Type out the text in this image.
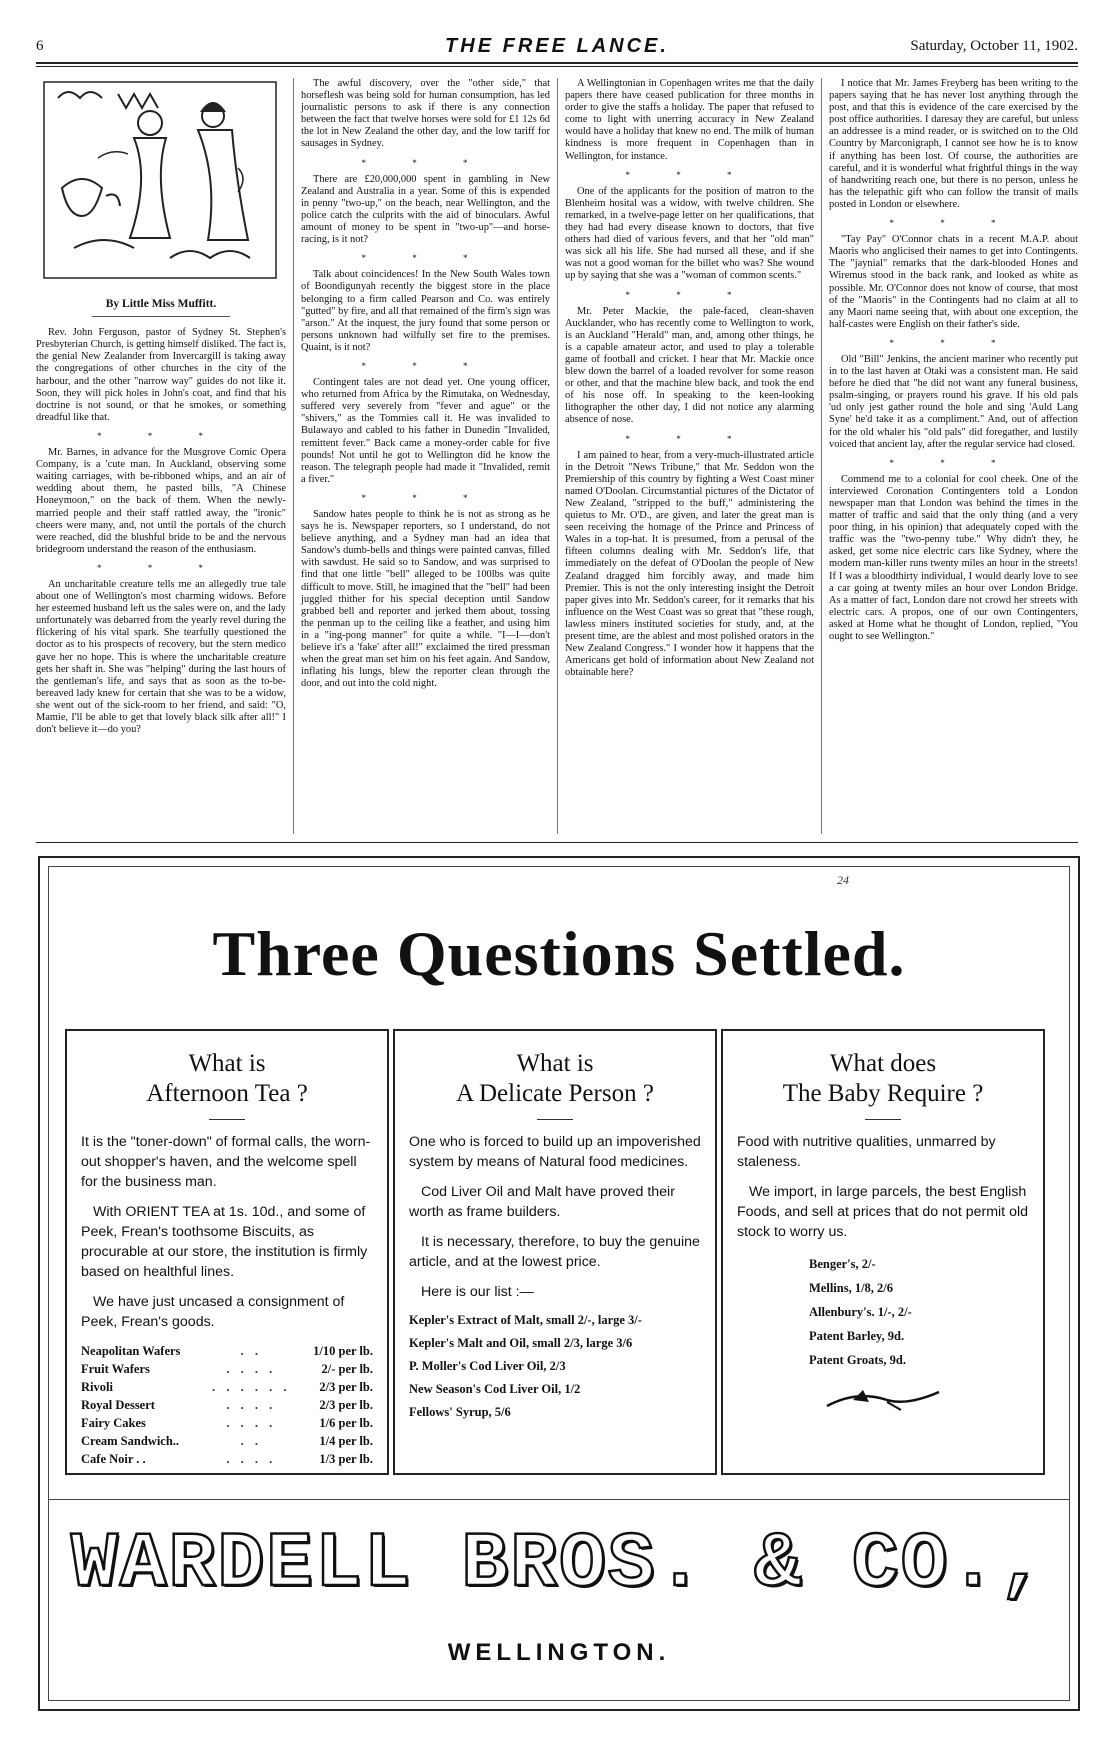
6	THE FREE LANCE.	Saturday, October 11, 1902.
By Little Miss Muffitt.

Rev. John Ferguson, pastor of Sydney St. Stephen's Presbyterian Church, is getting himself disliked. The fact is, the genial New Zealander from Invercargill is taking away the congregations of other churches in the city of the harbour, and the other "narrow way" guides do not like it. Soon, they will pick holes in John's coat, and find that his doctrine is not sound, or that he smokes, or something dreadful like that.

* * *

Mr. Barnes, in advance for the Musgrove Comic Opera Company, is a 'cute man. In Auckland, observing some waiting carriages, with be-ribboned whips, and an air of wedding about them, he pasted bills, "A Chinese Honeymoon," on the back of them. When the newly-married people and their staff rattled away, the "ironic" cheers were many, and, not until the portals of the church were reached, did the blushful bride to be and the nervous bridegroom understand the reason of the enthusiasm.

* * *

An uncharitable creature tells me an allegedly true tale about one of Wellington's most charming widows. Before her esteemed husband left us the sales were on, and the lady unfortunately was debarred from the yearly revel during the flickering of his vital spark. She tearfully questioned the doctor as to his prospects of recovery, but the stern medico gave her no hope. This is where the uncharitable creature gets her shaft in. She was "helping" during the last hours of the gentleman's life, and says that as soon as the to-be-bereaved lady knew for certain that she was to be a widow, she went out of the sick-room to her friend, and said: "O, Mamie, I'll be able to get that lovely black silk after all!" I don't believe it—do you?

The awful discovery, over the "other side," that horseflesh was being sold for human consumption, has led journalistic persons to ask if there is any connection between the fact that twelve horses were sold for £1 12s 6d the lot in New Zealand the other day, and the low tariff for sausages in Sydney.

* * *

There are £20,000,000 spent in gambling in New Zealand and Australia in a year. Some of this is expended in penny "two-up," on the beach, near Wellington, and the police catch the culprits with the aid of binoculars. Awful amount of money to be spent in "two-up"—and horse-racing, is it not?

* * *

Talk about coincidences! In the New South Wales town of Boondigunyah recently the biggest store in the place belonging to a firm called Pearson and Co. was entirely "gutted" by fire, and all that remained of the firm's sign was "arson." At the inquest, the jury found that some person or persons unknown had wilfully set fire to the premises. Quaint, is it not?

* * *

Contingent tales are not dead yet. One young officer, who returned from Africa by the Rimutaka, on Wednesday, suffered very severely from "fever and ague" or the "shivers," as the Tommies call it. He was invalided to Bulawayo and cabled to his father in Dunedin "Invalided, remittent fever." Back came a money-order cable for five pounds! Not until he got to Wellington did he know the reason. The telegraph people had made it "Invalided, remit a fiver."

* * *

Sandow hates people to think he is not as strong as he says he is. Newspaper reporters, so I understand, do not believe anything, and a Sydney man had an idea that Sandow's dumb-bells and things were painted canvas, filled with sawdust. He said so to Sandow, and was surprised to find that one little "bell" alleged to be 100lbs was quite difficult to move. Still, he imagined that the "bell" had been juggled thither for his special deception until Sandow grabbed bell and reporter and jerked them about, tossing the penman up to the ceiling like a feather, and using him in a "ing-pong manner" for quite a while. "I—I—don't believe it's a 'fake' after all!" exclaimed the tired pressman when the great man set him on his feet again. And Sandow, inflating his lungs, blew the reporter clean through the door, and out into the cold night.

A Wellingtonian in Copenhagen writes me that the daily papers there have ceased publication for three months in order to give the staffs a holiday. The paper that refused to come to light with unerring accuracy in New Zealand would have a holiday that knew no end. The milk of human kindness is more frequent in Copenhagen than in Wellington, for instance.

* * *

One of the applicants for the position of matron to the Blenheim hosital was a widow, with twelve children. She remarked, in a twelve-page letter on her qualifications, that they had had every disease known to doctors, that five others had died of various fevers, and that her "old man" was sick all his life. She had nursed all these, and if she was not a good woman for the billet who was? She wound up by saying that she was a "woman of common scents."

* * *

Mr. Peter Mackie, the pale-faced, clean-shaven Aucklander, who has recently come to Wellington to work, is an Auckland "Herald" man, and, among other things, he is a capable amateur actor, and used to play a tolerable game of football and cricket. I hear that Mr. Mackie once blew down the barrel of a loaded revolver for some reason or other, and that the machine blew back, and took the end of his nose off. In speaking to the keen-looking lithographer the other day, I did not notice any alarming absence of nose.

* * *

I am pained to hear, from a very-much-illustrated article in the Detroit "News Tribune," that Mr. Seddon won the Premiership of this country by fighting a West Coast miner named O'Doolan. Circumstantial pictures of the Dictator of New Zealand, "stripped to the buff," administering the quietus to Mr. O'D., are given, and later the great man is seen receiving the homage of the Prince and Princess of Wales in a top-hat. It is presumed, from a perusal of the fifteen columns dealing with Mr. Seddon's life, that immediately on the defeat of O'Doolan the people of New Zealand dragged him forcibly away, and made him Premier. This is not the only interesting insight the Detroit paper gives into Mr. Seddon's career, for it remarks that his influence on the West Coast was so great that "these rough, lawless miners instituted societies for study, and, at the present time, are the ablest and most polished orators in the New Zealand Congress." I wonder how it happens that the Americans get hold of information about New Zealand not obtainable here?

I notice that Mr. James Freyberg has been writing to the papers saying that he has never lost anything through the post, and that this is evidence of the care exercised by the post office authorities. I daresay they are careful, but unless an addressee is a mind reader, or is switched on to the Old Country by Marconigraph, I cannot see how he is to know if anything has been lost. Of course, the authorities are careful, and it is wonderful what frightful things in the way of handwriting reach one, but there is no person, unless he has the telepathic gift who can follow the transit of mails posted in London or elsewhere.

* * *

"Tay Pay" O'Connor chats in a recent M.A.P. about Maoris who anglicised their names to get into Contingents. The "jaynial" remarks that the dark-blooded Hones and Wiremus stood in the back rank, and looked as white as possible. Mr. O'Connor does not know of course, that most of the "Maoris" in the Contingents had no claim at all to any Maori name seeing that, with about one exception, the half-castes were English on their father's side.

* * *

Old "Bill" Jenkins, the ancient mariner who recently put in to the last haven at Otaki was a consistent man. He said before he died that "he did not want any funeral business, psalm-singing, or prayers round his grave. If his old pals 'ud only jest gather round the hole and sing 'Auld Lang Syne' he'd take it as a compliment." And, out of affection for the old whaler his "old pals" did foregather, and lustily voiced that ancient lay, after the regular service had closed.

* * *

Commend me to a colonial for cool cheek. One of the interviewed Coronation Contingenters told a London newspaper man that London was behind the times in the matter of traffic and said that the only thing (and a very poor thing, in his opinion) that adequately coped with the traffic was the "two-penny tube." Why didn't they, he asked, get some nice electric cars like Sydney, where the modern man-killer runs twenty miles an hour in the streets! If I was a bloodthirty individual, I would dearly love to see a car going at twenty miles an hour over London Bridge. As a matter of fact, London dare not crowd her streets with electric cars. A propos, one of our own Contingenters, asked at Home what he thought of London, replied, "You ought to see Wellington."

24
Three Questions Settled.
What is
Afternoon Tea ?

It is the "toner-down" of formal calls, the worn-out shopper's haven, and the welcome spell for the business man.

With ORIENT TEA at 1s. 10d., and some of Peek, Frean's toothsome Biscuits, as procurable at our store, the institution is firmly based on healthful lines.

We have just uncased a consignment of Peek, Frean's goods.

Neapolitan Wafers	. .	1/10 per lb.
Fruit Wafers	. . . .	2/- per lb.
Rivoli	. . . . . .	2/3 per lb.
Royal Dessert	. . . .	2/3 per lb.
Fairy Cakes	. . . .	1/6 per lb.
Cream Sandwich..	. .	1/4 per lb.
Cafe Noir . .	. . . .	1/3 per lb.
What is
A Delicate Person ?

One who is forced to build up an impoverished system by means of Natural food medicines.

Cod Liver Oil and Malt have proved their worth as frame builders.

It is necessary, therefore, to buy the genuine article, and at the lowest price.

Here is our list :—

Kepler's Extract of Malt, small 2/-, large 3/-
Kepler's Malt and Oil, small 2/3, large 3/6
P. Moller's Cod Liver Oil, 2/3
New Season's Cod Liver Oil, 1/2
Fellows' Syrup, 5/6
What does
The Baby Require ?

Food with nutritive qualities, unmarred by staleness.

We import, in large parcels, the best English Foods, and sell at prices that do not permit old stock to worry us.

Benger's, 2/-
Mellins, 1/8, 2/6
Allenbury's. 1/-, 2/-
Patent Barley, 9d.
Patent Groats, 9d.
WARDELL BROS. & CO.,
WELLINGTON.
